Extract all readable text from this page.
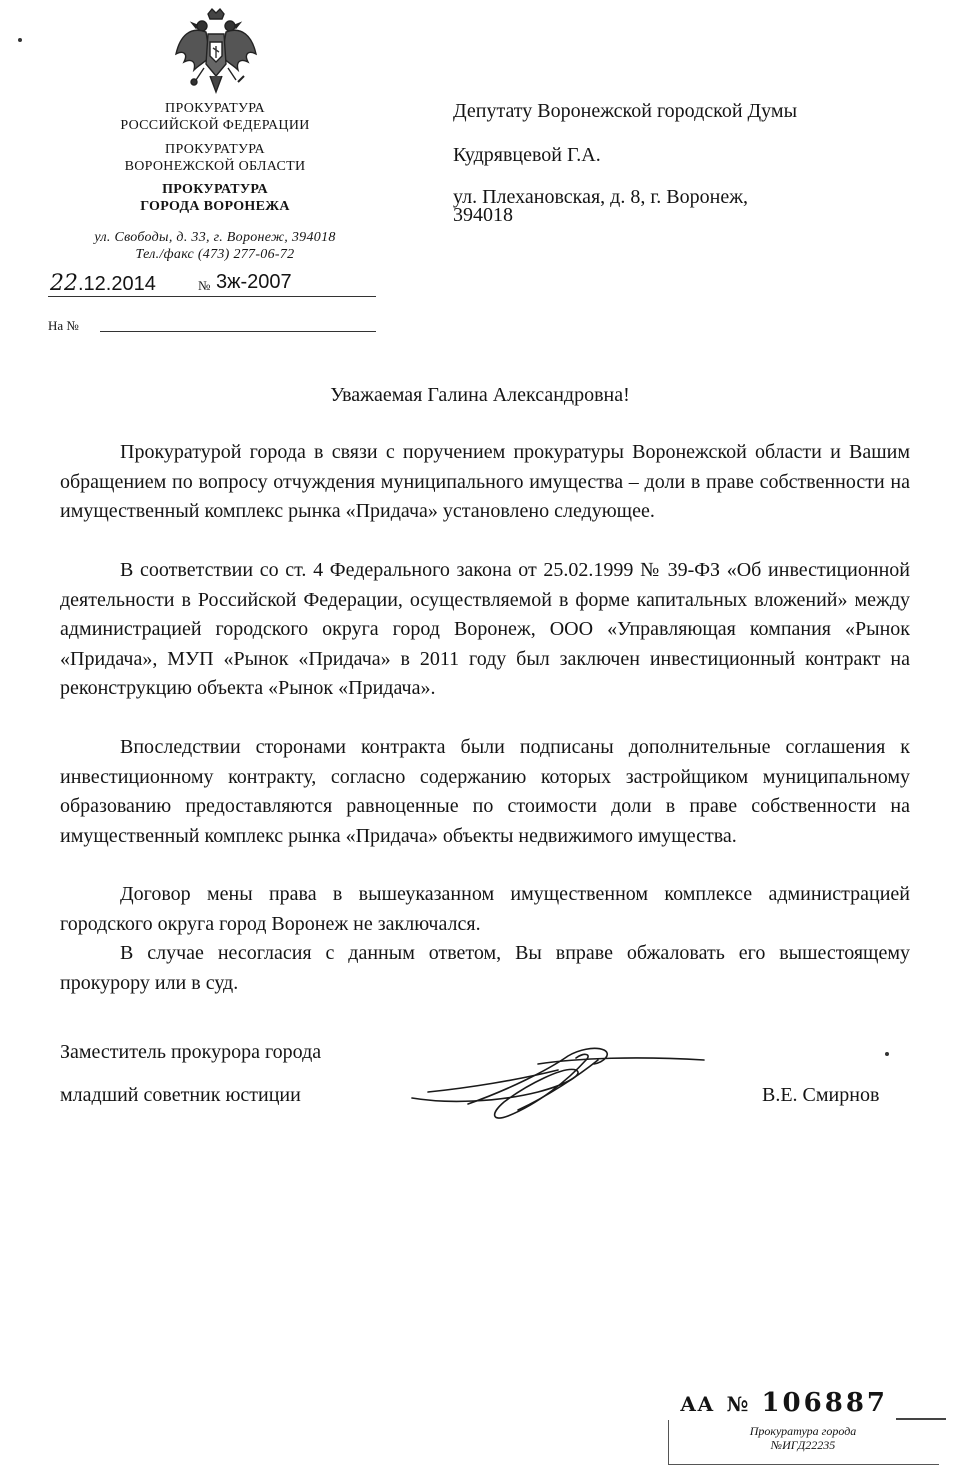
ПРОКУРАТУРА
РОССИЙСКОЙ ФЕДЕРАЦИИ
ПРОКУРАТУРА
ВОРОНЕЖСКОЙ ОБЛАСТИ
ПРОКУРАТУРА
ГОРОДА ВОРОНЕЖА
ул. Свободы, д. 33, г. Воронеж, 394018
Тел./факс (473) 277-06-72
22.12.2014	№ 3ж-2007
На №
Депутату Воронежской городской Думы
Кудрявцевой Г.А.
ул. Плехановская, д. 8, г. Воронеж,
394018
Уважаемая Галина Александровна!

Прокуратурой города в связи с поручением прокуратуры Воронежской области и Вашим обращением по вопросу отчуждения муниципального имущества – доли в праве собственности на имущественный комплекс рынка «Придача» установлено следующее.

В соответствии со ст. 4 Федерального закона от 25.02.1999 № 39-ФЗ «Об инвестиционной деятельности в Российской Федерации, осуществляемой в форме капитальных вложений» между администрацией городского округа город Воронеж, ООО «Управляющая компания «Рынок «Придача», МУП «Рынок «Придача» в 2011 году был заключен инвестиционный контракт на реконструкцию объекта «Рынок «Придача».

Впоследствии сторонами контракта были подписаны дополнительные соглашения к инвестиционному контракту, согласно содержанию которых застройщиком муниципальному образованию предоставляются равноценные по стоимости доли в праве собственности на имущественный комплекс рынка «Придача» объекты недвижимого имущества.

Договор мены права в вышеуказанном имущественном комплексе администрацией городского округа город Воронеж не заключался.

В случае несогласия с данным ответом, Вы вправе обжаловать его вышестоящему прокурору или в суд.

Заместитель прокурора города
младший советник юстиции	В.Е. Смирнов
АА № 106887
Прокуратура города
№ИГД22235
